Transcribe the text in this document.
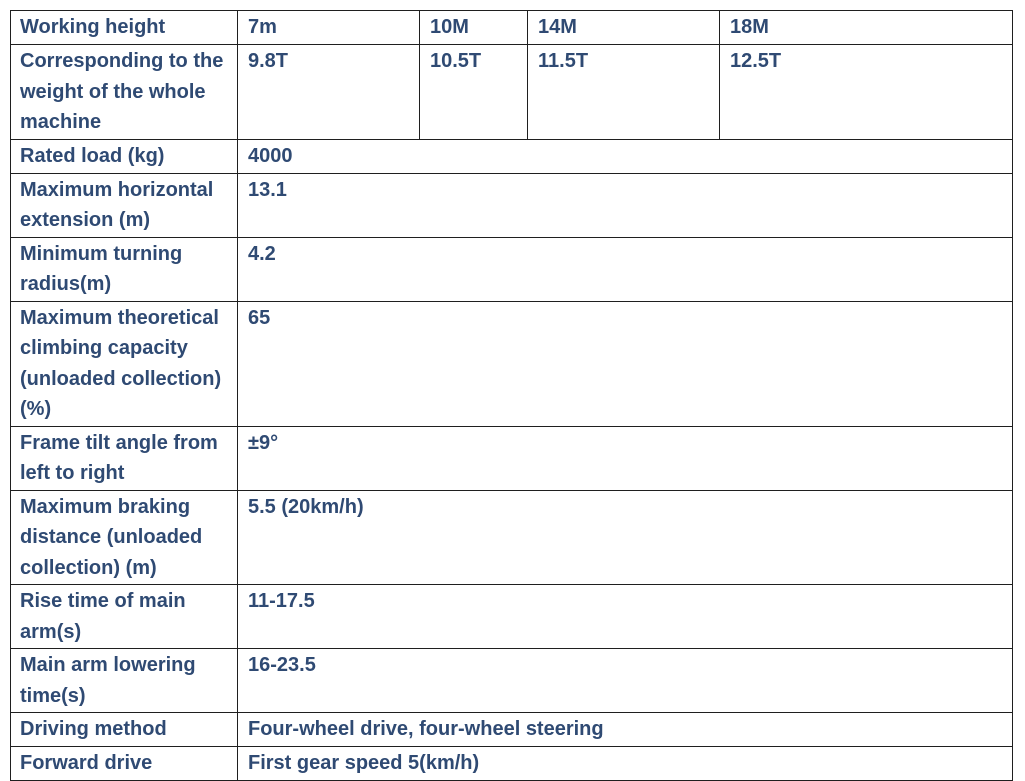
Working height	7m	10M	14M	18M
Corresponding to the weight of the whole machine	9.8T	10.5T	11.5T	12.5T
Rated load (kg)	4000			
Maximum horizontal extension (m)	13.1			
Minimum turning radius(m)	4.2			
Maximum theoretical climbing capacity (unloaded collection) (%)	65			
Frame tilt angle from left to right	±9°			
Maximum braking distance (unloaded collection) (m)	5.5 (20km/h)			
Rise time of main arm(s)	11-17.5			
Main arm lowering time(s)	16-23.5			
Driving method	Four-wheel drive, four-wheel steering			
Forward drive	First gear speed 5(km/h)			
